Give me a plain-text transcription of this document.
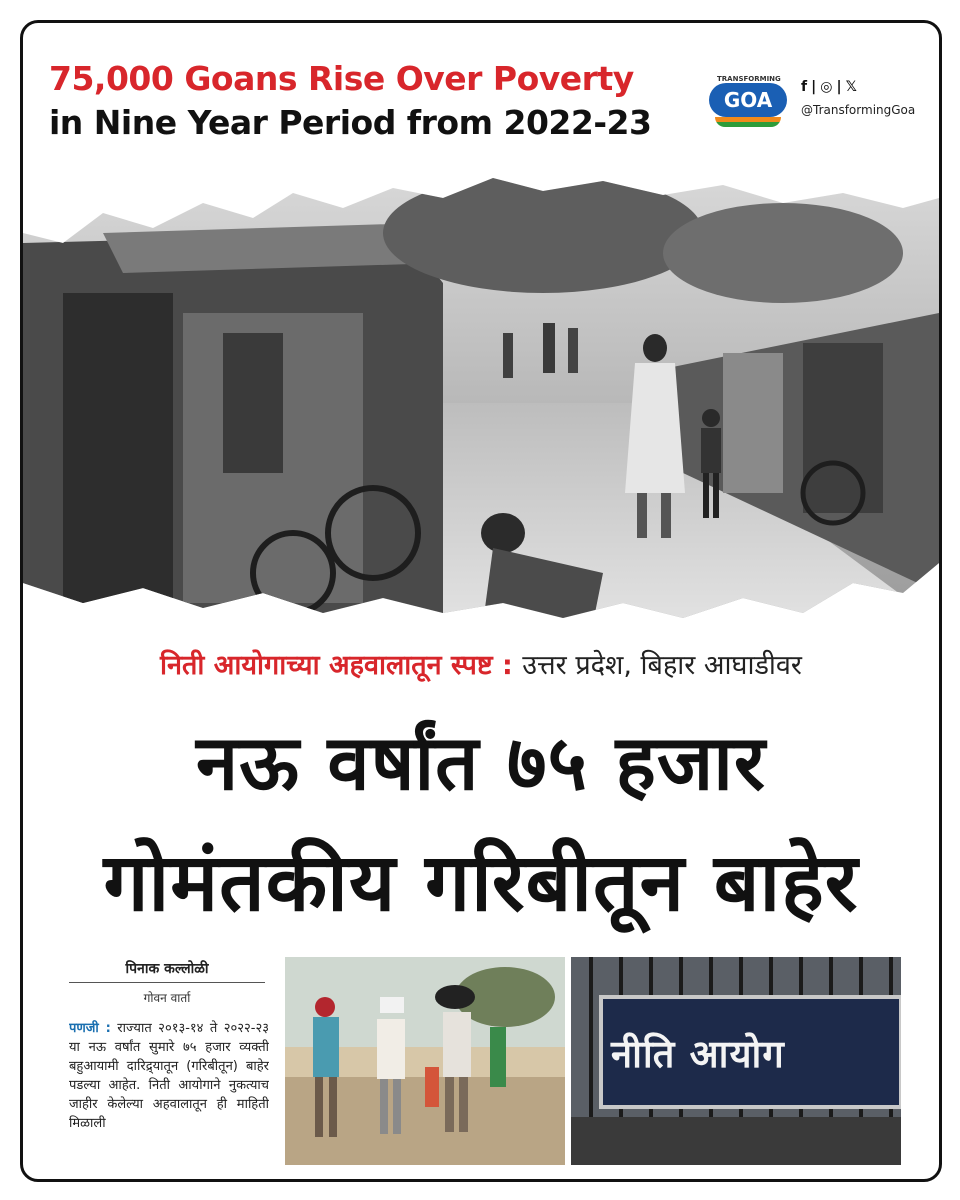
75,000 Goans Rise Over Poverty
in Nine Year Period from 2022-23
TRANSFORMING
GOA
f | ◎ | 𝕏
@TransformingGoa
निती आयोगाच्या अहवालातून स्पष्ट : उत्तर प्रदेश, बिहार आघाडीवर
नऊ वर्षांत ७५ हजार
गोमंतकीय गरिबीतून बाहेर
पिनाक कल्लोळी
गोवन वार्ता
पणजी : राज्यात २०१३-१४ ते २०२२-२३ या नऊ वर्षांत सुमारे ७५ हजार व्यक्ती बहुआयामी दारिद्र्यातून (गरिबीतून) बाहेर पडल्या आहेत. निती आयोगाने नुकत्याच जाहीर केलेल्या अहवालातून ही माहिती मिळाली
नीति आयोग
